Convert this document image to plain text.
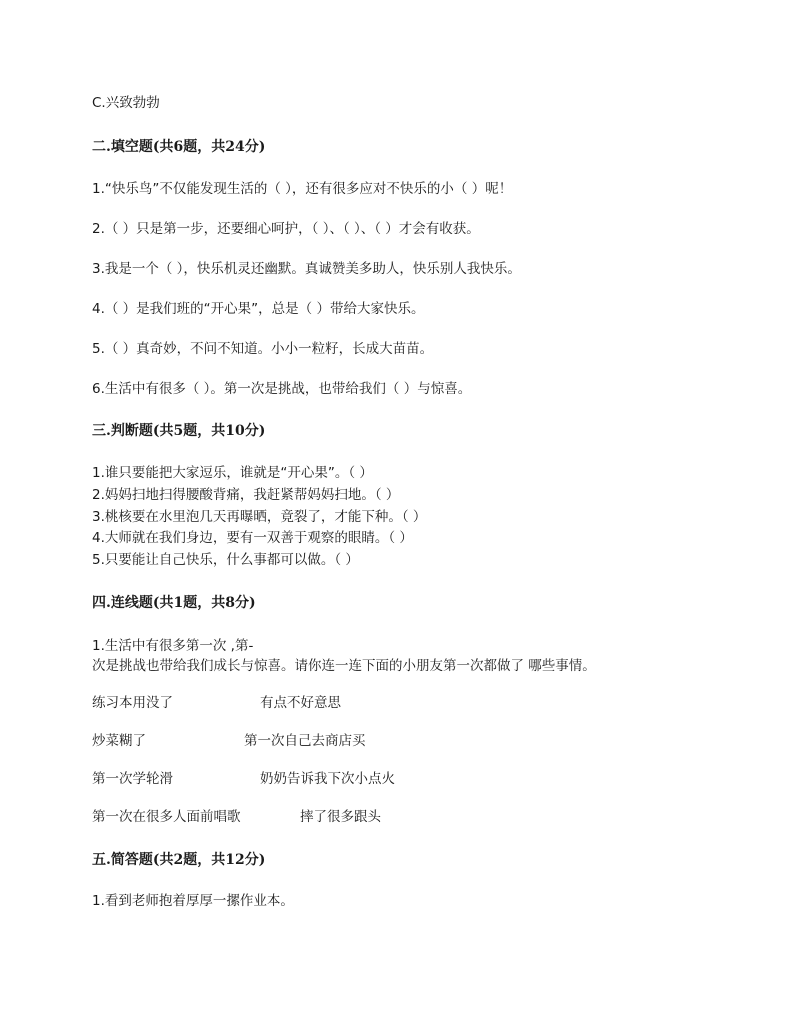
C.兴致勃勃
二.填空题(共6题，共24分)
1.“快乐鸟”不仅能发现生活的（ ），还有很多应对不快乐的小（ ）呢！
2.（ ）只是第一步，还要细心呵护，（ ）、（ ）、（ ）才会有收获。
3.我是一个（ ），快乐机灵还幽默。真诚赞美多助人，快乐别人我快乐。
4.（ ）是我们班的“开心果”，总是（ ）带给大家快乐。
5.（ ）真奇妙，不问不知道。小小一粒籽，长成大苗苗。
6.生活中有很多（ ）。第一次是挑战，也带给我们（ ）与惊喜。
三.判断题(共5题，共10分)
1.谁只要能把大家逗乐，谁就是“开心果”。（ ）
2.妈妈扫地扫得腰酸背痛，我赶紧帮妈妈扫地。（ ）
3.桃核要在水里泡几天再曝晒，竟裂了，才能下种。（ ）
4.大师就在我们身边，要有一双善于观察的眼睛。（ ）
5.只要能让自己快乐，什么事都可以做。（ ）
四.连线题(共1题，共8分)
1.生活中有很多第一次 ,第-
次是挑战也带给我们成长与惊喜。请你连一连下面的小朋友第一次都做了 哪些事情。
练习本用没了	有点不好意思
炒菜糊了	第一次自己去商店买
第一次学轮滑	奶奶告诉我下次小点火
第一次在很多人面前唱歌	摔了很多跟头
五.简答题(共2题，共12分)
1.看到老师抱着厚厚一摞作业本。
